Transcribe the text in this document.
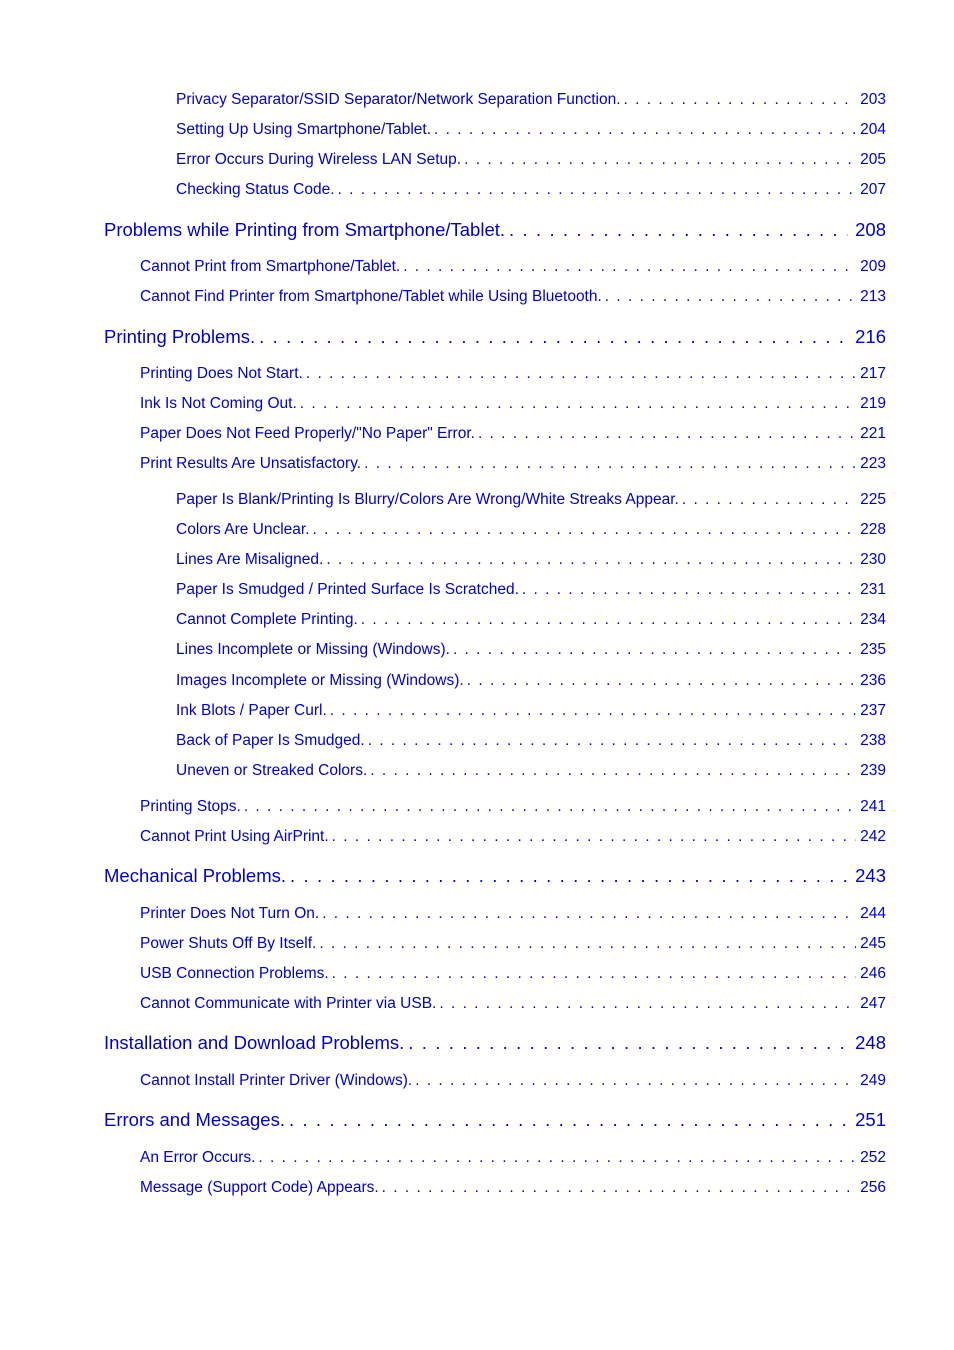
Privacy Separator/SSID Separator/Network Separation Function. . . .	203
Setting Up Using Smartphone/Tablet. . . .	204
Error Occurs During Wireless LAN Setup. . . .	205
Checking Status Code. . . .	207
Problems while Printing from Smartphone/Tablet. . . .	208
Cannot Print from Smartphone/Tablet. . . .	209
Cannot Find Printer from Smartphone/Tablet while Using Bluetooth. . . .	213
Printing Problems. . . .	216
Printing Does Not Start. . . .	217
Ink Is Not Coming Out. . . .	219
Paper Does Not Feed Properly/"No Paper" Error. . . .	221
Print Results Are Unsatisfactory. . . .	223
Paper Is Blank/Printing Is Blurry/Colors Are Wrong/White Streaks Appear. . . .	225
Colors Are Unclear. . . .	228
Lines Are Misaligned. . . .	230
Paper Is Smudged / Printed Surface Is Scratched. . . .	231
Cannot Complete Printing. . . .	234
Lines Incomplete or Missing (Windows). . . .	235
Images Incomplete or Missing (Windows). . . .	236
Ink Blots / Paper Curl. . . .	237
Back of Paper Is Smudged. . . .	238
Uneven or Streaked Colors. . . .	239
Printing Stops. . . .	241
Cannot Print Using AirPrint. . . .	242
Mechanical Problems. . . .	243
Printer Does Not Turn On. . . .	244
Power Shuts Off By Itself. . . .	245
USB Connection Problems. . . .	246
Cannot Communicate with Printer via USB. . . .	247
Installation and Download Problems. . . .	248
Cannot Install Printer Driver (Windows). . . .	249
Errors and Messages. . . .	251
An Error Occurs. . . .	252
Message (Support Code) Appears. . . .	256
